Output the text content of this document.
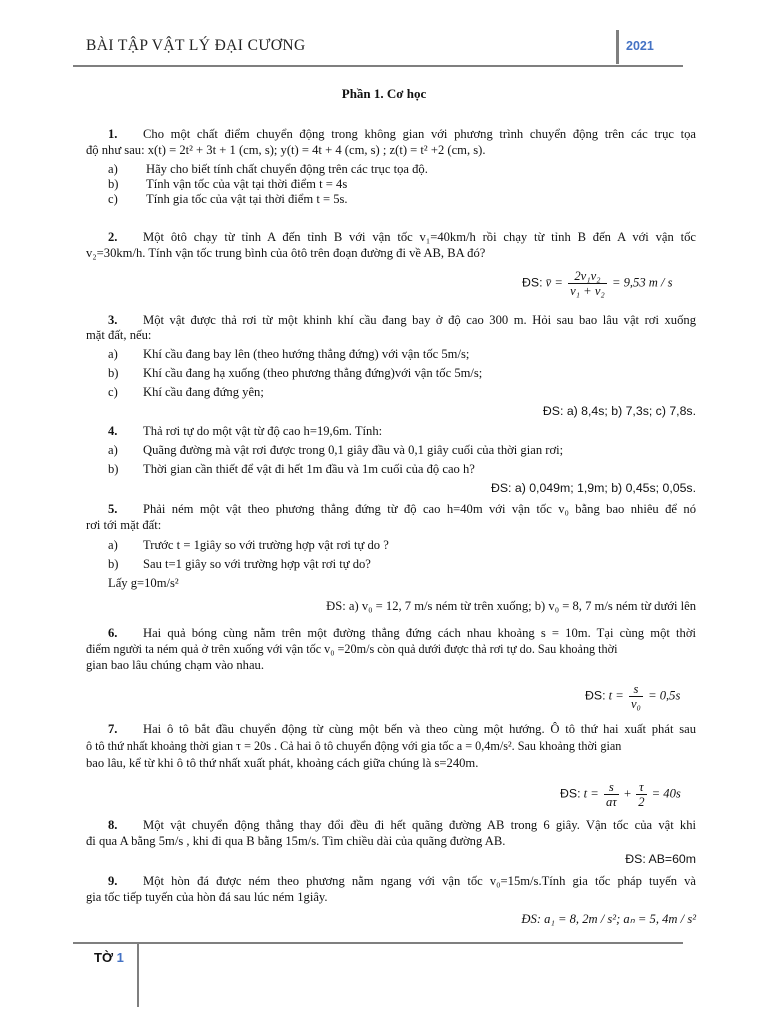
BÀI TẬP VẬT LÝ ĐẠI CƯƠNG	2021
Phần 1. Cơ học
1. Cho một chất điểm chuyển động trong không gian với phương trình chuyển động trên các trục tọa
độ như sau: x(t) = 2t² + 3t + 1 (cm, s); y(t) = 4t + 4 (cm, s) ; z(t) = t² +2 (cm, s).
a) Hãy cho biết tính chất chuyển động trên các trục tọa độ.
b) Tính vận tốc của vật tại thời điểm t = 4s
c) Tính gia tốc của vật tại thời điểm t = 5s.
2. Một ôtô chạy từ tỉnh A đến tỉnh B với vận tốc v₁=40km/h rồi chạy từ tỉnh B đến A với vận tốc
v₂=30km/h. Tính vận tốc trung bình của ôtô trên đoạn đường đi về AB, BA đó?
ĐS: v̄ = $\frac{\text{2v₁v₂}}{\text{v₁ + v₂}} = 9,53$ m / s
3. Một vật được thả rơi từ một khinh khí cầu đang bay ở độ cao 300 m. Hỏi sau bao lâu vật rơi xuống
mặt đất, nếu:
a) Khí cầu đang bay lên (theo hướng thẳng đứng) với vận tốc 5m/s;
b) Khí cầu đang hạ xuống (theo phương thẳng đứng)với vận tốc 5m/s;
c) Khí cầu đang đứng yên;
ĐS: a) 8,4s; b) 7,3s; c) 7,8s.
4. Thả rơi tự do một vật từ độ cao h=19,6m. Tính:
a) Quãng đường mà vật rơi được trong 0,1 giây đầu và 0,1 giây cuối của thời gian rơi;
b) Thời gian cần thiết để vật đi hết 1m đầu và 1m cuối của độ cao h?
ĐS: a) 0,049m; 1,9m; b) 0,45s; 0,05s.
5. Phải ném một vật theo phương thẳng đứng từ độ cao h=40m với vận tốc v₀ bằng bao nhiêu để nó
rơi tới mặt đất:
a) Trước t = 1giây so với trường hợp vật rơi tự do ?
b) Sau t=1 giây so với trường hợp vật rơi tự do?
Lấy g=10m/s²
ĐS: a) v₀ = 12, 7 m/s ném từ trên xuống; b) v₀ = 8, 7 m/s ném từ dưới lên
6. Hai quả bóng cùng nằm trên một đường thẳng đứng cách nhau khoảng s = 10m. Tại cùng một thời
điểm người ta ném quả ở trên xuống với vận tốc v₀ =20m/s còn quả dưới được thả rơi tự do. Sau khoảng thời
gian bao lâu chúng chạm vào nhau.
ĐS: $t = \frac{s}{\text{v₀}} = 0,5s$
7. Hai ô tô bắt đầu chuyển động từ cùng một bến và theo cùng một hướng. Ô tô thứ hai xuất phát sau
ô tô thứ nhất khoảng thời gian τ = 20s . Cả hai ô tô chuyển động với gia tốc a = 0,4m/s². Sau khoảng thời gian
bao lâu, kể từ khi ô tô thứ nhất xuất phát, khoảng cách giữa chúng là s=240m.
ĐS: $t = \frac{s}{a\tau} + \frac{\tau}{2} = 40s$
8. Một vật chuyển động thẳng thay đổi đều đi hết quãng đường AB trong 6 giây. Vận tốc của vật khi
đi qua A bằng 5m/s , khi đi qua B bằng 15m/s. Tìm chiều dài của quãng đường AB.
ĐS: AB=60m
9. Một hòn đá được ném theo phương nằm ngang với vận tốc v₀=15m/s.Tính gia tốc pháp tuyến và
gia tốc tiếp tuyến của hòn đá sau lúc ném 1giây.
ĐS: a₁ = 8, 2m / s²; aₙ = 5, 4m / s²
TỜ 1
